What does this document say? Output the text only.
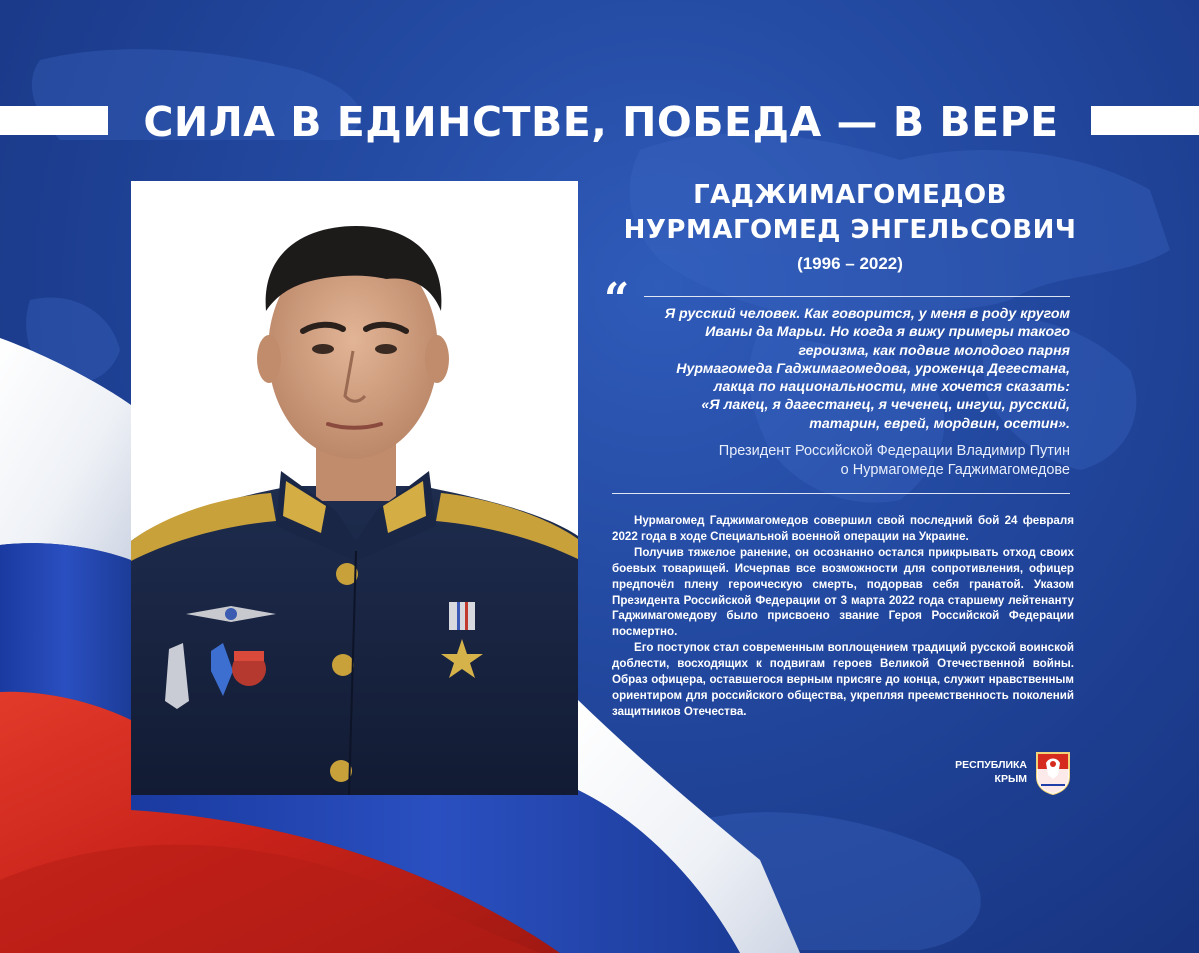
СИЛА В ЕДИНСТВЕ, ПОБЕДА — В ВЕРЕ
ГАДЖИМАГОМЕДОВ
НУРМАГОМЕД ЭНГЕЛЬСОВИЧ
(1996 – 2022)
“	Я русский человек. Как говорится, у меня в роду кругом
Иваны да Марьи. Но когда я вижу примеры такого
героизма, как подвиг молодого парня
Нурмагомеда Гаджимагомедова, уроженца Дегестана,
лакца по национальности, мне хочется сказать:
«Я лакец, я дагестанец, я чеченец, ингуш, русский,
татарин, еврей, мордвин, осетин».
Президент Российской Федерации Владимир Путин
о Нурмагомеде Гаджимагомедове

Нурмагомед Гаджимагомедов совершил свой последний бой 24 февраля 2022 года в ходе Специальной военной операции на Украине.

Получив тяжелое ранение, он осознанно остался прикрывать отход своих боевых товарищей. Исчерпав все возможности для сопротивления, офицер предпочёл плену героическую смерть, подорвав себя гранатой. Указом Президента Российской Федерации от 3 марта 2022 года старшему лейтенанту Гаджимагомедову было присвоено звание Героя Российской Федерации посмертно.

Его поступок стал современным воплощением традиций русской воинской доблести, восходящих к подвигам героев Великой Отечественной войны. Образ офицера, оставшегося верным присяге до конца, служит нравственным ориентиром для российского общества, укрепляя преемственность поколений защитников Отечества.

РЕСПУБЛИКА
КРЫМ
